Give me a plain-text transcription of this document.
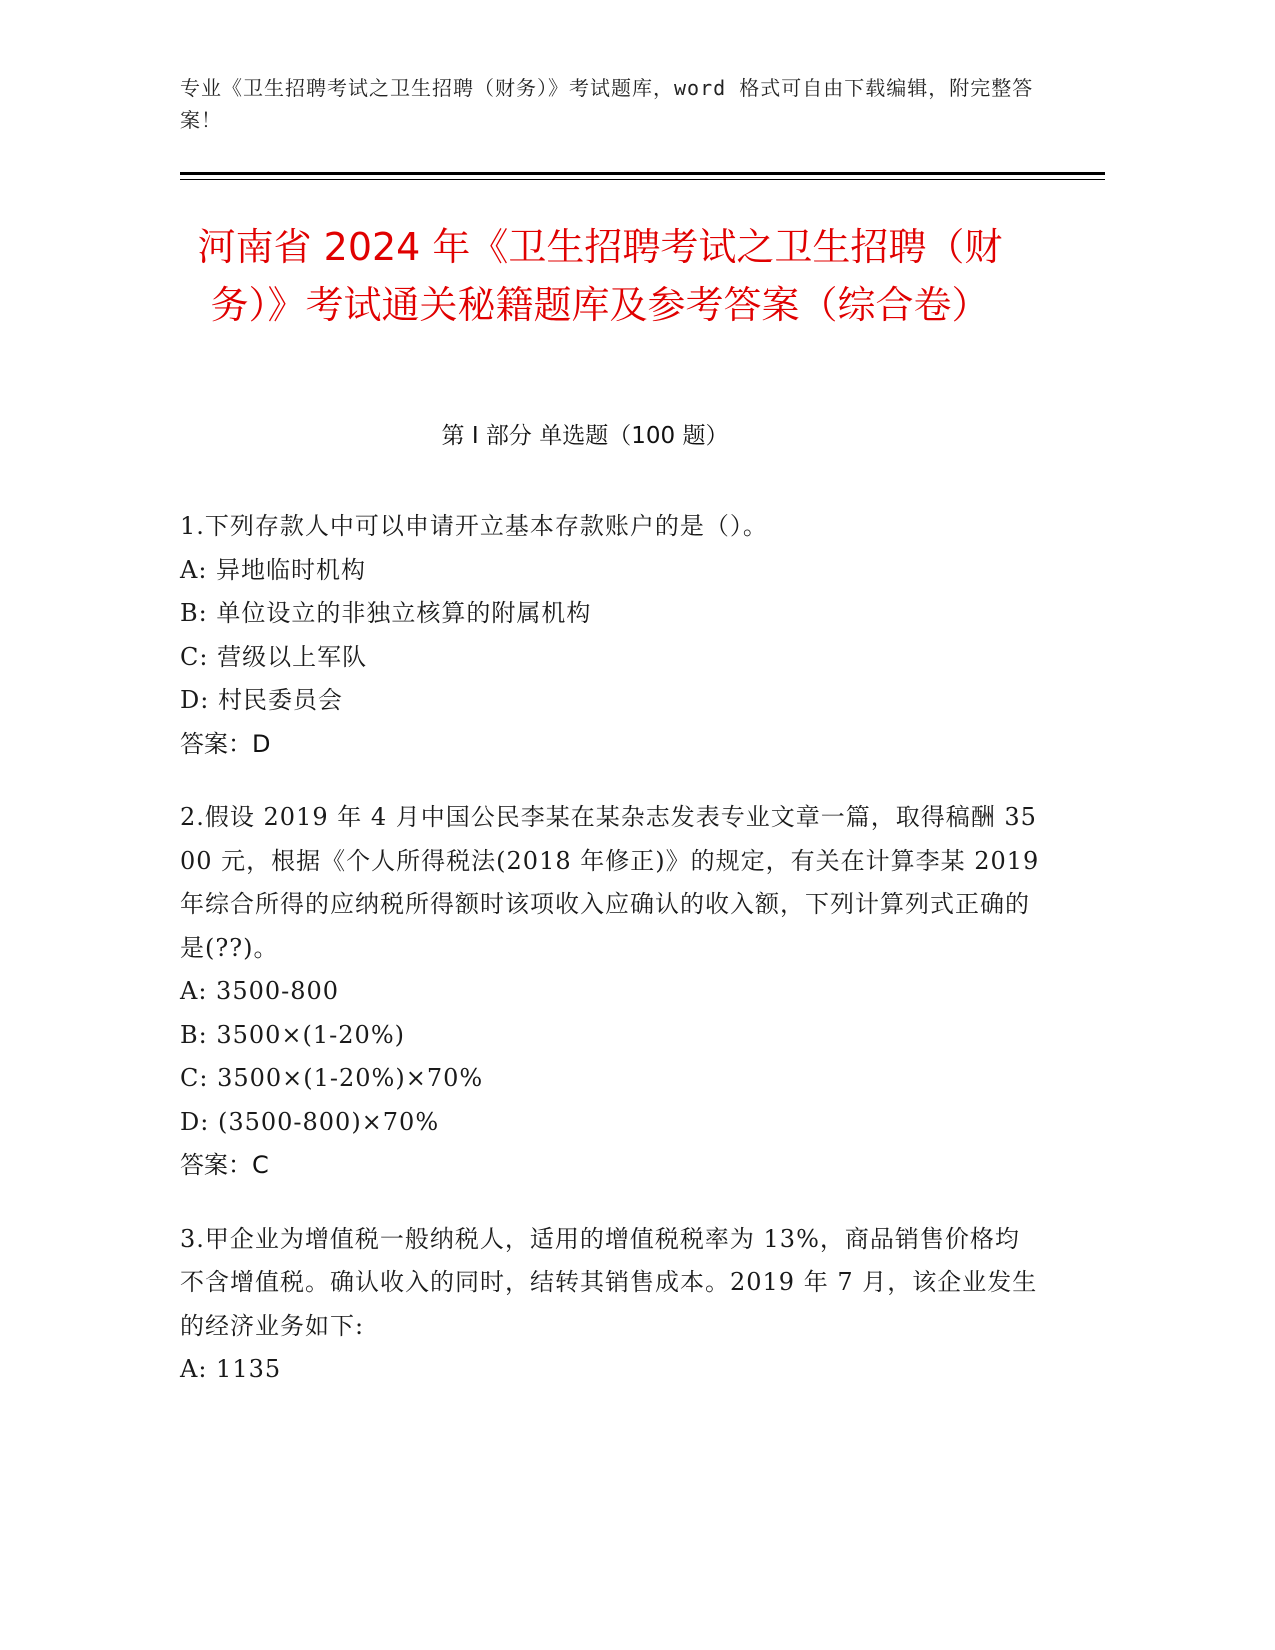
专业《卫生招聘考试之卫生招聘（财务）》考试题库，word 格式可自由下载编辑，附完整答案！
河南省 2024 年《卫生招聘考试之卫生招聘（财务）》考试通关秘籍题库及参考答案（综合卷）
第 I 部分 单选题（100 题）
1.下列存款人中可以申请开立基本存款账户的是（）。
A: 异地临时机构
B: 单位设立的非独立核算的附属机构
C: 营级以上军队
D: 村民委员会
答案：D
2.假设 2019 年 4 月中国公民李某在某杂志发表专业文章一篇，取得稿酬 3500 元，根据《个人所得税法(2018 年修正)》的规定，有关在计算李某 2019 年综合所得的应纳税所得额时该项收入应确认的收入额，下列计算列式正确的是(??)。
A: 3500-800
B: 3500×(1-20%)
C: 3500×(1-20%)×70%
D: (3500-800)×70%
答案：C
3.甲企业为增值税一般纳税人，适用的增值税税率为 13%，商品销售价格均不含增值税。确认收入的同时，结转其销售成本。2019 年 7 月，该企业发生的经济业务如下:
A: 1135
